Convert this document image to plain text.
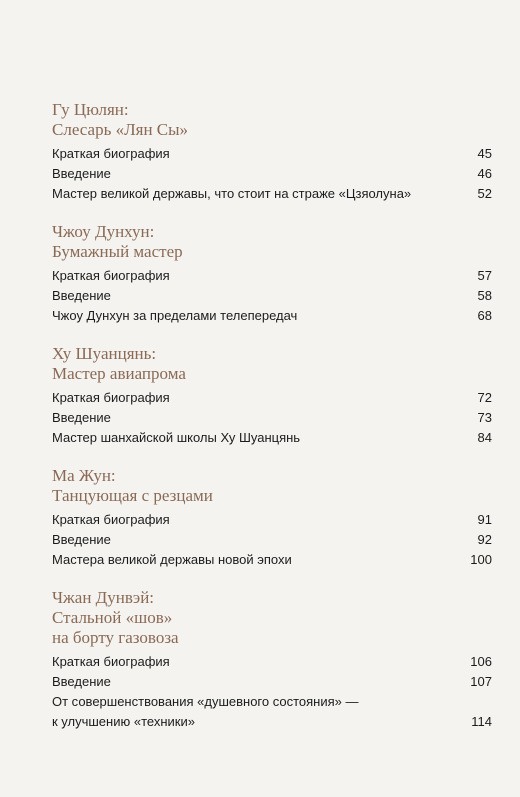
Гу Цюлян:
Слесарь «Лян Сы»
Краткая биография	45
Введение	46
Мастер великой державы, что стоит на страже «Цзяолуна»	52
Чжоу Дунхун:
Бумажный мастер
Краткая биография	57
Введение	58
Чжоу Дунхун за пределами телепередач	68
Ху Шуанцянь:
Мастер авиапрома
Краткая биография	72
Введение	73
Мастер шанхайской школы Ху Шуанцянь	84
Ма Жун:
Танцующая с резцами
Краткая биография	91
Введение	92
Мастера великой державы новой эпохи	100
Чжан Дунвэй:
Стальной «шов»
на борту газовоза
Краткая биография	106
Введение	107
От совершенствования «душевного состояния» —
к улучшению «техники»	114
